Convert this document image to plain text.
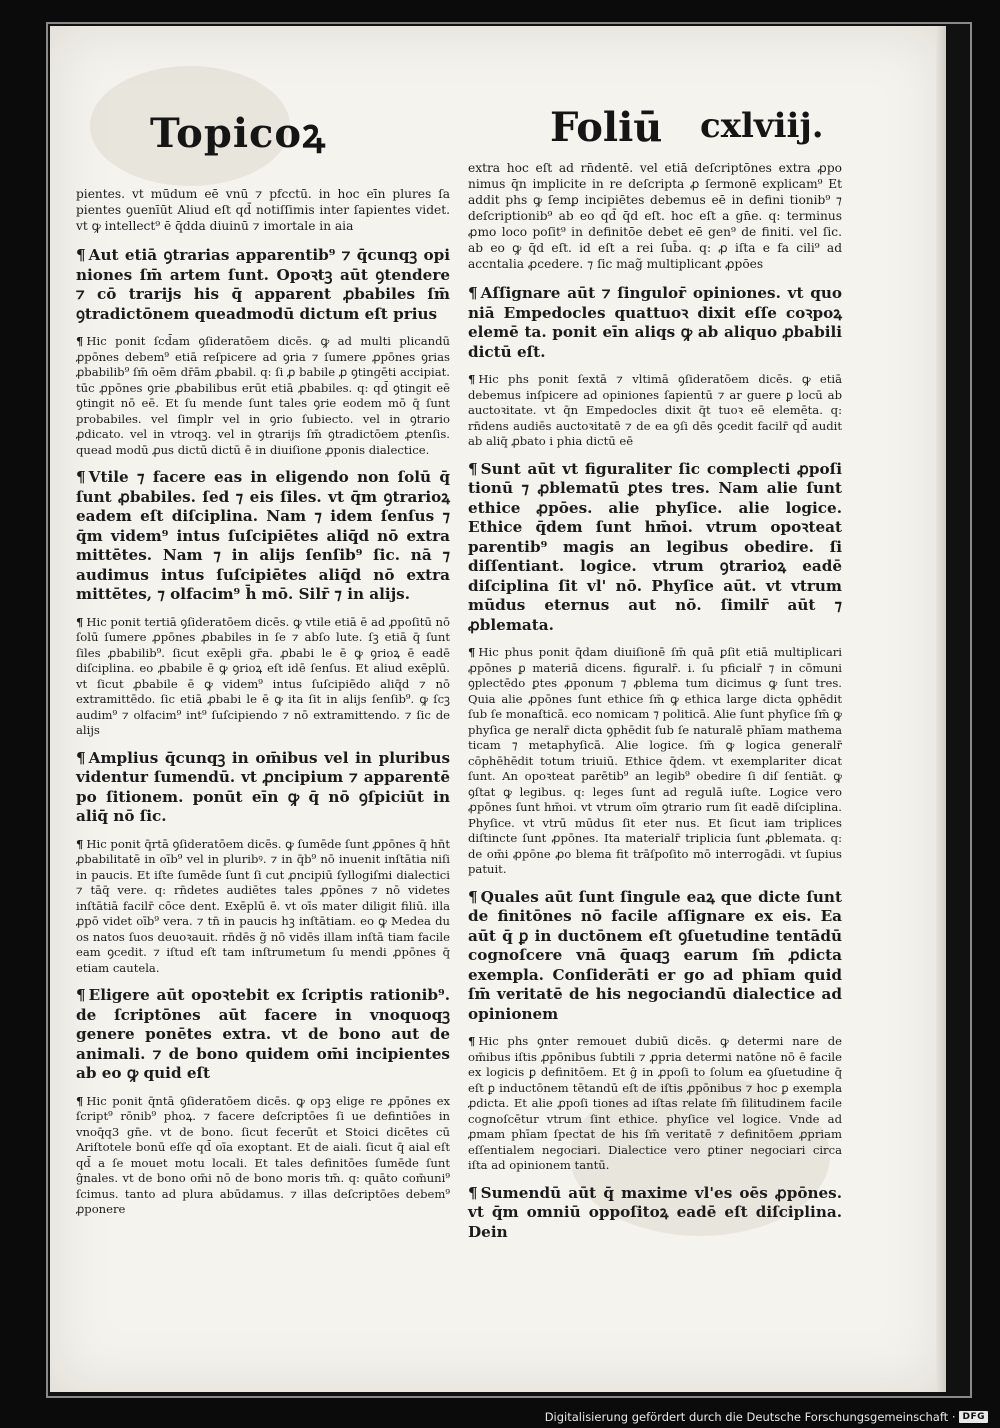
Topicoꝝ	Foliū cxlviij.

pientes. vt mūdum eē vnū ⁊ pfcctū. in hoc eīn plures ſa pientes ꝯuenīūt Aliud eſt qd̄ notiſſimis inter ſapientes videt. vt ꝙ intellect⁹ ē q̄dda diuinū ⁊ imortale in aia

¶ Aut etiā ꝯtrarias apparentib⁹ ⁊ q̄cunqꝫ opi niones ſm̄ artem ſunt. Opoꝛtꝫ aūt ꝯtendere ⁊ cō trarijs his q̄ apparent ꝓbabiles ſm̄ ꝯtradictōnem queadmodū dictum eſt prius

¶ Hic ponit ſcd̄am ꝯſideratōem dicēs. ꝙ ad multi plicandū ꝓpōnes debem⁹ etiā reſpicere ad ꝯria ⁊ ſumere ꝓpōnes ꝯrias ꝓbabilib⁹ ſm̄ oēm dr̄ām ꝓbabil. q: ſi ꝓ babile ꝓ ꝯtingēti accipiat. tūc ꝓpōnes ꝯrie ꝓbabilibus erūt etiā ꝓbabiles. q: qd̄ ꝯtingit eē ꝯtingit nō eē. Et ſu mende ſunt tales ꝯrie eodem mō q̄ ſunt probabiles. vel ſimplr vel in ꝯrio ſubiecto. vel in ꝯtrario ꝓdicato. vel in vtroqꝫ. vel in ꝯtrarijs ſm̄ ꝯtradictōem ꝓtenſis. quead modū ꝓus dictū dictū ē in diuiſione ꝓponis dialectice.

¶ Vtile ⁊ facere eas in eligendo non ſolū q̄ ſunt ꝓbabiles. ſed ⁊ eis ſiles. vt q̄m ꝯtrarioꝝ eadem eſt diſciplina. Nam ⁊ idem ſenſus ⁊ q̄m videm⁹ intus ſuſcipiētes aliq̄d nō extra mittētes. Nam ⁊ in alijs ſenſib⁹ ſic. nā ⁊ audimus intus ſuſcipiētes aliq̄d nō extra mittētes, ⁊ olfacim⁹ h̄ mō. Silr̄ ⁊ in alijs.

¶ Hic ponit tertiā ꝯſideratōem dicēs. ꝙ vtile etiā ē ad ꝓpoſitū nō ſolū ſumere ꝓpōnes ꝓbabiles in ſe ⁊ abſo lute. ſꝫ etiā q̄ ſunt ſiles ꝓbabilib⁹. ſicut exēpli gr̄a. ꝓbabi le ē ꝙ ꝯrioꝝ ē eadē diſciplina. eo ꝓbabile ē ꝙ ꝯrioꝝ eſt idē ſenſus. Et aliud exēplū. vt ſicut ꝓbabile ē ꝙ videm⁹ intus ſuſcipiēdo aliq̄d ⁊ nō extramittēdo. ſic etiā ꝓbabi le ē ꝙ ita ſit in alijs ſenſib⁹. ꝙ ſcꝫ audim⁹ ⁊ olfacim⁹ int⁹ ſuſcipiendo ⁊ nō extramittendo. ⁊ ſic de alijs

¶ Amplius q̄cunqꝫ in om̄ibus vel in pluribus videntur ſumendū. vt ꝓncipium ⁊ apparentē po ſitionem. ponūt eīn ꝙ q̄ nō ꝯſpiciūt in aliq̄ nō ſic.

¶ Hic ponit q̄rtā ꝯſideratōem dicēs. ꝙ ſumēde ſunt ꝓpōnes q̄ hn̄t ꝓbabilitatē in oīb⁹ vel in pluribꝰ. ⁊ in q̄b⁹ nō inuenit inſtātia niſi in paucis. Et iſte ſumēde ſunt ſi cut ꝓncipiū ſyllogiſmi dialectici ⁊ tāq̄ vere. q: rn̄detes audiētes tales ꝓpōnes ⁊ nō videtes inſtātiā facilr̄ cōce dent. Exēplū ē. vt oīs mater diligit filiū. illa ꝓpō videt oīb⁹ vera. ⁊ tn̄ in paucis hꝫ inſtātiam. eo ꝙ Medea du os natos ſuos deuoꝛauit. rn̄dēs g̃ nō vidēs illam inſtā tiam facile eam ꝯcedit. ⁊ iſtud eſt tam inſtrumetum ſu mendi ꝓpōnes q̄ etiam cautela.

¶ Eligere aūt opoꝛtebit ex ſcriptis rationib⁹. de ſcriptōnes aūt facere in vnoquoqꝫ genere ponētes extra. vt de bono aut de animali. ⁊ de bono quidem om̄i incipientes ab eo ꝙ quid eſt

¶ Hic ponit q̄ntā ꝯſideratōem dicēs. ꝙ opꝫ elige re ꝓpōnes ex ſcript⁹ rōnib⁹ phoꝝ. ⁊ facere deſcriptōes ſi ue defintiōes in vnoq̄q3 gn̄e. vt de bono. ſicut fecerūt et Stoici dicētes cū Ariſtotele bonū eſſe qd̄ oīa exoptant. Et de aiali. ſicut q̄ aial eſt qd̄ a ſe mouet motu locali. Et tales definitōes ſumēde ſunt ĝnales. vt de bono om̄i nō de bono moris tm̄. q: quāto com̄uni⁹ ſcimus. tanto ad plura abūdamus. ⁊ illas deſcriptōes debem⁹ ꝓponere

extra hoc eſt ad rn̄dentē. vel etiā deſcriptōnes extra ꝓpo nimus q̄n implicite in re deſcripta ꝓ ſermonē explicam⁹ Et addit phs ꝙ ſemꝑ incipiētes debemus eē in defini tionib⁹ ⁊ deſcriptionib⁹ ab eo qd̄ q̄d eſt. hoc eſt a gn̄e. q: terminus ꝓmo loco poſit⁹ in definitōe debet eē gen⁹ de finiti. vel ſic. ab eo ꝙ q̄d eſt. id eſt a rei ſub̄a. q: ꝓ iſta e fa cili⁹ ad accntalia ꝓcedere. ⁊ ſic mag̃ multiplicant ꝓpōes

¶ Aſſignare aūt ⁊ ſingulor̄ opiniones. vt quo niā Empedocles quattuoꝛ dixit eſſe coꝛpoꝝ elemē ta. ponit eīn aliqs ꝙ ab aliquo ꝓbabili dictū eſt.

¶ Hic phs ponit ſextā ⁊ vltimā ꝯſideratōem dicēs. ꝙ etiā debemus inſpicere ad opiniones ſapientū ⁊ ar guere ꝑ locū ab auctoꝛitate. vt q̄n Empedocles dixit q̄t tuoꝛ eē elemēta. q: rn̄dens audiēs auctoꝛitatē ⁊ de ea ꝯſi dēs ꝯcedit facilr̄ qd̄ audit ab aliq̄ ꝓbato i phia dictū eē

¶ Sunt aūt vt figuraliter ſic complecti ꝓpoſi tionū ⁊ ꝓblematū ꝑtes tres. Nam alie ſunt ethice ꝓpōes. alie phyſice. alie logice. Ethice q̄dem ſunt hm̄oi. vtrum opoꝛteat parentib⁹ magis an legibus obedire. ſi diſſentiant. logice. vtrum ꝯtrarioꝝ eadē diſciplina ſit vl' nō. Phyſice aūt. vt vtrum mūdus eternus aut nō. ſimilr̄ aūt ⁊ ꝓblemata.

¶ Hic phus ponit q̄dam diuiſionē ſm̄ quā ꝑſit etiā multiplicari ꝓpōnes ꝑ materiā dicens. figuralr̄. i. ſu pficialr̄ ⁊ in cōmuni ꝯplectēdo ꝑtes ꝓponum ⁊ ꝓblema tum dicimus ꝙ ſunt tres. Quia alie ꝓpōnes ſunt ethice ſm̄ ꝙ ethica large dicta ꝯphēdit ſub ſe monaſticā. eco nomicam ⁊ politicā. Alie ſunt phyſice ſm̄ ꝙ phyſica ge neralr̄ dicta ꝯphēdit ſub ſe naturalē phīam mathema ticam ⁊ metaphyſicā. Alie logice. ſm̄ ꝙ logica generalr̄ cōphēhēdit totum triuiū. Ethice q̄dem. vt exemplariter dicat ſunt. An opoꝛteat parētib⁹ an legib⁹ obedire ſi diſ ſentiāt. ꝙ ꝯſtat ꝙ legibus. q: leges ſunt ad regulā iuſte. Logice vero ꝓpōnes ſunt hm̄oi. vt vtrum oīm ꝯtrario rum ſit eadē diſciplina. Phyſice. vt vtrū mūdus ſit eter nus. Et ſicut iam triplices diſtincte ſunt ꝓpōnes. Ita materialr̄ triplicia ſunt ꝓblemata. q: de om̄i ꝓpōne ꝓo blema fit trāſpoſito mō interrogādi. vt ſupius patuit.

¶ Quales aūt ſunt ſingule eaꝝ que dicte ſunt de finitōnes nō facile aſſignare ex eis. Ea aūt q̄ ꝑ in ductōnem eſt ꝯſuetudine tentādū cognoſcere vnā q̄uaqꝫ earum ſm̄ ꝓdicta exempla. Conſiderāti er go ad phīam quid ſm̄ veritatē de his negociandū dialectice ad opinionem

¶ Hic phs ꝯnter remouet dubiū dicēs. ꝙ determi nare de om̄ibus iſtis ꝓpōnibus ſubtili ⁊ ꝓpria determi natōne nō ē facile ex logicis ꝑ definitōem. Et ĝ in ꝓpoſi to ſolum ea ꝯſuetudine q̄ eſt ꝑ inductōnem tētandū eſt de iſtis ꝓpōnibus ⁊ hoc ꝑ exempla ꝓdicta. Et alie ꝓpoſi tiones ad iſtas relate ſm̄ ſilitudinem facile cognoſcētur vtrum ſint ethice. phyſice vel logice. Vnde ad ꝓmam phīam ſpectat de his ſm̄ veritatē ⁊ definitōem ꝓpriam eſſentialem negociari. Dialectice vero ꝑtiner negociari circa iſta ad opinionem tantū.

¶ Sumendū aūt q̄ maxime vl'es oēs ꝓpōnes. vt q̄m omniū oppoſitoꝝ eadē eſt diſciplina. Dein

Digitalisierung gefördert durch die Deutsche Forschungsgemeinschaft · DFG
